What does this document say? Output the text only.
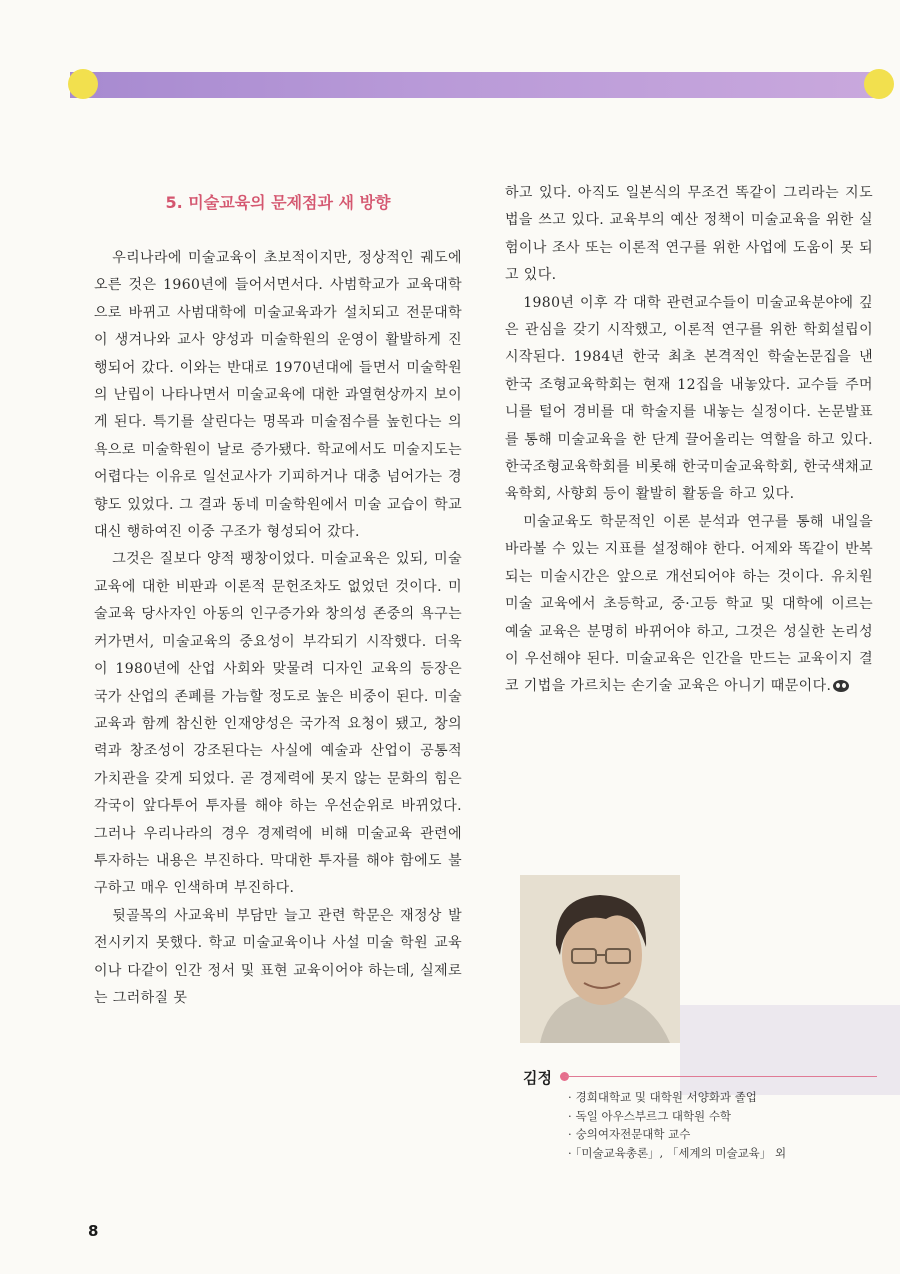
5. 미술교육의 문제점과 새 방향

우리나라에 미술교육이 초보적이지만, 정상적인 궤도에 오른 것은 1960년에 들어서면서다. 사범학교가 교육대학으로 바뀌고 사범대학에 미술교육과가 설치되고 전문대학이 생겨나와 교사 양성과 미술학원의 운영이 활발하게 진행되어 갔다. 이와는 반대로 1970년대에 들면서 미술학원의 난립이 나타나면서 미술교육에 대한 과열현상까지 보이게 된다. 특기를 살린다는 명목과 미술점수를 높힌다는 의욕으로 미술학원이 날로 증가됐다. 학교에서도 미술지도는 어렵다는 이유로 일선교사가 기피하거나 대충 넘어가는 경향도 있었다. 그 결과 동네 미술학원에서 미술 교습이 학교 대신 행하여진 이중 구조가 형성되어 갔다.

그것은 질보다 양적 팽창이었다. 미술교육은 있되, 미술교육에 대한 비판과 이론적 문헌조차도 없었던 것이다. 미술교육 당사자인 아동의 인구증가와 창의성 존중의 욕구는 커가면서, 미술교육의 중요성이 부각되기 시작했다. 더욱이 1980년에 산업 사회와 맞물려 디자인 교육의 등장은 국가 산업의 존폐를 가늠할 정도로 높은 비중이 된다. 미술교육과 함께 참신한 인재양성은 국가적 요청이 됐고, 창의력과 창조성이 강조된다는 사실에 예술과 산업이 공통적 가치관을 갖게 되었다. 곧 경제력에 못지 않는 문화의 힘은 각국이 앞다투어 투자를 해야 하는 우선순위로 바뀌었다. 그러나 우리나라의 경우 경제력에 비해 미술교육 관련에 투자하는 내용은 부진하다. 막대한 투자를 해야 함에도 불구하고 매우 인색하며 부진하다.

뒷골목의 사교육비 부담만 늘고 관련 학문은 재정상 발전시키지 못했다. 학교 미술교육이나 사설 미술 학원 교육이나 다같이 인간 정서 및 표현 교육이어야 하는데, 실제로는 그러하질 못

하고 있다. 아직도 일본식의 무조건 똑같이 그리라는 지도법을 쓰고 있다. 교육부의 예산 정책이 미술교육을 위한 실험이나 조사 또는 이론적 연구를 위한 사업에 도움이 못 되고 있다.

1980년 이후 각 대학 관련교수들이 미술교육분야에 깊은 관심을 갖기 시작했고, 이론적 연구를 위한 학회설립이 시작된다. 1984년 한국 최초 본격적인 학술논문집을 낸 한국 조형교육학회는 현재 12집을 내놓았다. 교수들 주머니를 털어 경비를 대 학술지를 내놓는 실정이다. 논문발표를 통해 미술교육을 한 단계 끌어올리는 역할을 하고 있다. 한국조형교육학회를 비롯해 한국미술교육학회, 한국색채교육학회, 사향회 등이 활발히 활동을 하고 있다.

미술교육도 학문적인 이론 분석과 연구를 통해 내일을 바라볼 수 있는 지표를 설정해야 한다. 어제와 똑같이 반복되는 미술시간은 앞으로 개선되어야 하는 것이다. 유치원 미술 교육에서 초등학교, 중·고등 학교 및 대학에 이르는 예술 교육은 분명히 바뀌어야 하고, 그것은 성실한 논리성이 우선해야 된다. 미술교육은 인간을 만드는 교육이지 결코 기법을 가르치는 손기술 교육은 아니기 때문이다.

김정
· 경희대학교 및 대학원 서양화과 졸업
· 독일 아우스부르그 대학원 수학
· 숭의여자전문대학 교수
· 「미술교육총론」, 「세계의 미술교육」 외
8
